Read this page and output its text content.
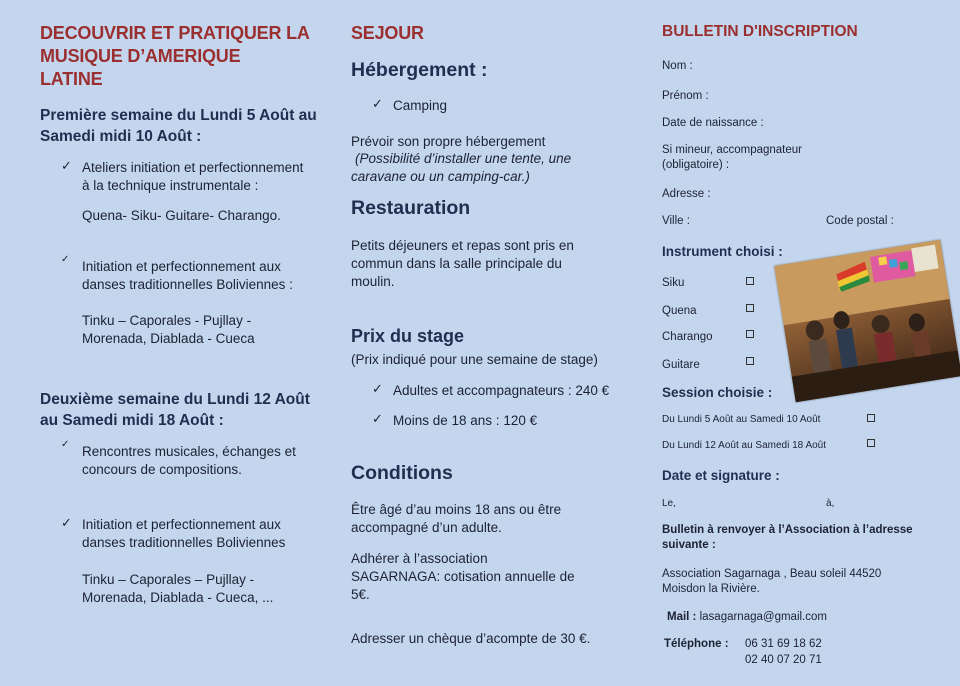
DECOUVRIR ET PRATIQUER LA
MUSIQUE D’AMERIQUE
LATINE
Première semaine du Lundi 5 Août au
Samedi midi 10 Août :
✓ Ateliers initiation et perfectionnement
à la technique instrumentale :
Quena- Siku- Guitare- Charango.
✓ Initiation et perfectionnement aux
danses traditionnelles Boliviennes :
Tinku – Caporales - Pujllay -
Morenada, Diablada - Cueca
Deuxième semaine du Lundi 12 Août
au Samedi midi 18 Août :
✓ Rencontres musicales, échanges et
concours de compositions.
✓ Initiation et perfectionnement aux
danses traditionnelles Boliviennes
Tinku – Caporales – Pujllay -
Morenada, Diablada - Cueca, ...
SEJOUR
Hébergement :
✓ Camping
Prévoir son propre hébergement
(Possibilité d’installer une tente, une
caravane ou un camping-car.)
Restauration
Petits déjeuners et repas sont pris en
commun dans la salle principale du
moulin.
Prix du stage
(Prix indiqué pour une semaine de stage)
✓ Adultes et accompagnateurs : 240 €
✓ Moins de 18 ans : 120 €
Conditions
Être âgé d’au moins 18 ans ou être
accompagné d’un adulte.
Adhérer à l’association
SAGARNAGA: cotisation annuelle de
5€.
Adresser un chèque d’acompte de 30 €.
BULLETIN D'INSCRIPTION
Nom :
Prénom :
Date de naissance :
Si mineur, accompagnateur
(obligatoire) :
Adresse :
Ville :	Code postal :
Instrument choisi :
Siku
Quena
Charango
Guitare
Session choisie :
Du Lundi 5 Août au Samedi 10 Août
Du Lundi 12 Août au Samedi 18 Août
Date et signature :
Le,	à,
Bulletin à renvoyer à l’Association à l’adresse
suivante :
Association Sagarnaga , Beau soleil 44520
Moisdon la Rivière.
Mail : lasagarnaga@gmail.com
Téléphone : 06 31 69 18 62
02 40 07 20 71
